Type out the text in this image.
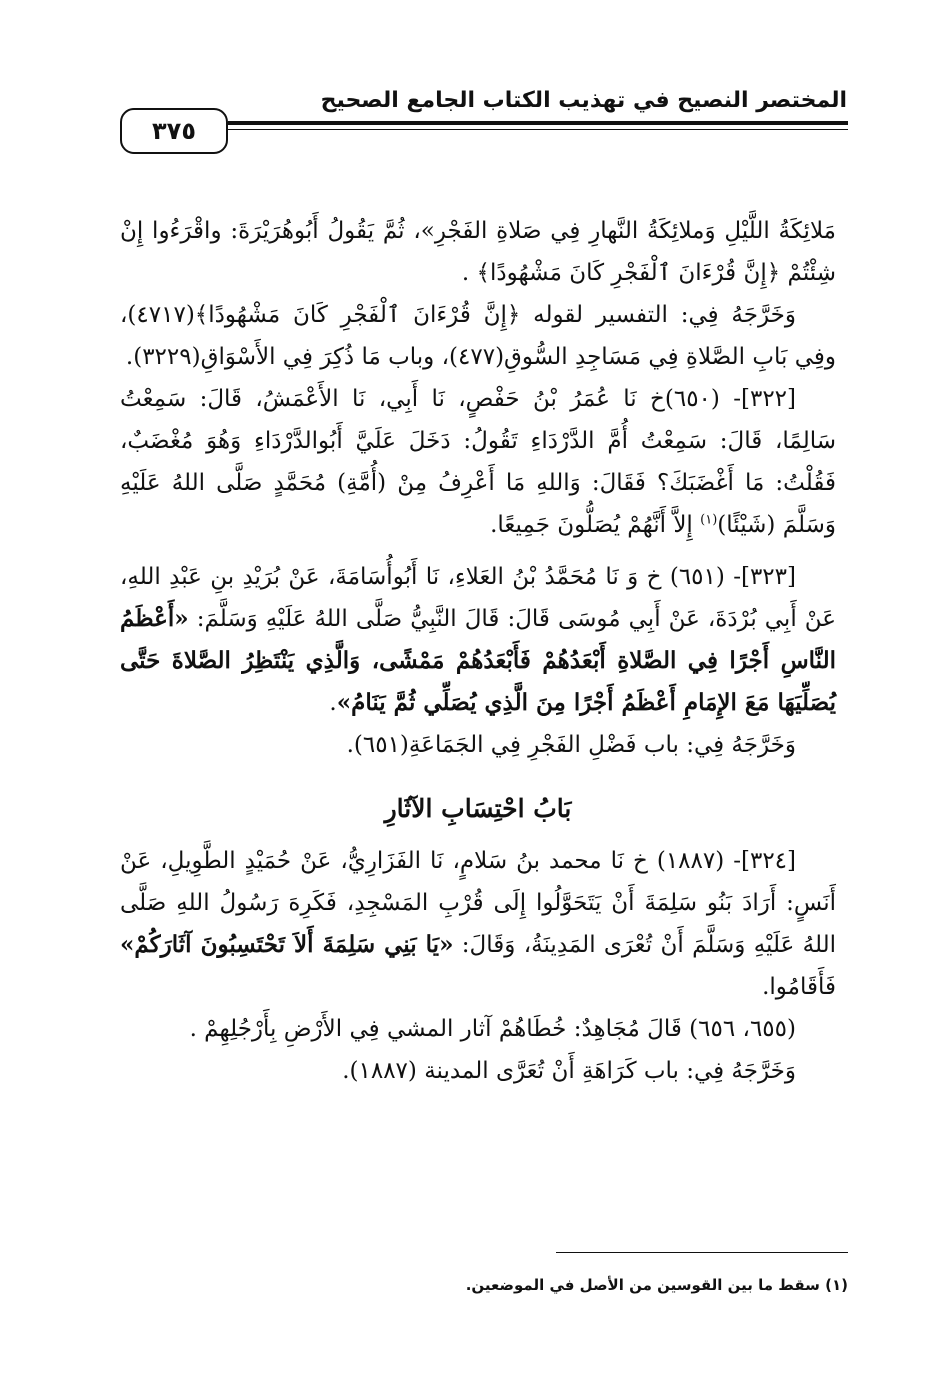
المختصر النصيح في تهذيب الكتاب الجامع الصحيح
٣٧٥

مَلائِكَةُ اللَّيْلِ وَملائِكَةُ النَّهارِ فِي صَلاةِ الفَجْرِ»، ثُمَّ يَقُولُ أَبُوهُرَيْرَةَ: واقْرَءُوا إِنْ شِئْتُمْ ﴿إِنَّ قُرْءَانَ ٱلْفَجْرِ كَانَ مَشْهُودًا﴾ .

وَخَرَّجَهُ فِي: التفسير لقوله ﴿إِنَّ قُرْءَانَ ٱلْفَجْرِ كَانَ مَشْهُودًا﴾(٤٧١٧)، وفِي بَابِ الصَّلاةِ فِي مَسَاجِدِ السُّوقِ(٤٧٧)، وباب مَا ذُكِرَ فِي الأَسْوَاقِ(٣٢٢٩).

[٣٢٢]- (٦٥٠)خ نَا عُمَرُ بْنُ حَفْصٍ، نَا أَبِي، نَا الأَعْمَشُ، قَالَ: سَمِعْتُ سَالِمًا، قَالَ: سَمِعْتُ أُمَّ الدَّرْدَاءِ تَقُولُ: دَخَلَ عَلَيَّ أَبُوالدَّرْدَاءِ وَهُوَ مُغْضَبٌ، فَقُلْتُ: مَا أَغْضَبَكَ؟ فَقَالَ: وَاللهِ مَا أَعْرِفُ مِنْ (أُمَّةِ) مُحَمَّدٍ صَلَّى اللهُ عَلَيْهِ وَسَلَّمَ (شَيْئًا)$^{(١)}$ إِلاَّ أَنَّهُمْ يُصَلُّونَ جَمِيعًا.

[٣٢٣]- (٦٥١) خ وَ نَا مُحَمَّدُ بْنُ العَلاءِ، نَا أَبُوأُسَامَةَ، عَنْ بُرَيْدِ بنِ عَبْدِ اللهِ، عَنْ أَبِي بُرْدَةَ، عَنْ أَبِي مُوسَى قَالَ: قَالَ النَّبِيُّ صَلَّى اللهُ عَلَيْهِ وَسَلَّمَ: «أَعْظَمُ النَّاسِ أَجْرًا فِي الصَّلاةِ أَبْعَدُهُمْ فَأَبْعَدُهُمْ مَمْشًى، وَالَّذِي يَنْتَظِرُ الصَّلاةَ حَتَّى يُصَلِّيَهَا مَعَ الإِمَامِ أَعْظَمُ أَجْرًا مِنَ الَّذِي يُصَلِّي ثُمَّ يَنَامُ».

وَخَرَّجَهُ فِي: باب فَضْلِ الفَجْرِ فِي الجَمَاعَةِ(٦٥١).

بَابُ احْتِسَابِ الآثَارِ

[٣٢٤]- (١٨٨٧) خ نَا محمد بنُ سَلامٍ، نَا الفَزَارِيُّ، عَنْ حُمَيْدٍ الطَّوِيلِ، عَنْ أَنَسٍ: أَرَادَ بَنُو سَلِمَةَ أَنْ يَتَحَوَّلُوا إِلَى قُرْبِ المَسْجِدِ، فَكَرِهَ رَسُولُ اللهِ صَلَّى اللهُ عَلَيْهِ وَسَلَّمَ أَنْ تُعْرَى المَدِينَةُ، وَقَالَ: «يَا بَنِي سَلِمَةَ أَلاَ تَحْتَسِبُونَ آثَارَكُمْ» فَأَقَامُوا.

(٦٥٥، ٦٥٦) قَالَ مُجَاهِدٌ: خُطَاهُمْ آثار المشي فِي الأَرْضِ بِأَرْجُلِهِمْ .

وَخَرَّجَهُ فِي: باب كَرَاهَةِ أَنْ تُعَرَّى المدينة (١٨٨٧).

(١) سقط ما بين القوسين من الأصل في الموضعين.
